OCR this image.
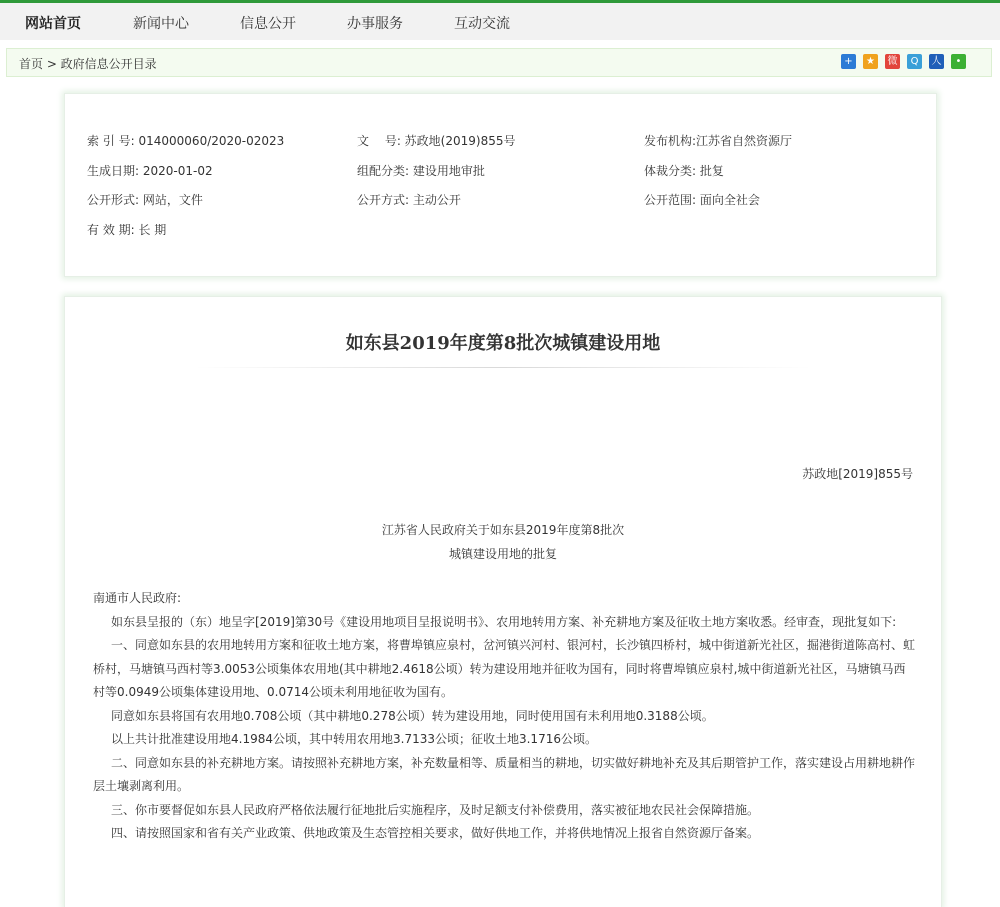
网站首页	新闻中心	信息公开	办事服务	互动交流
首页 > 政府信息公开目录	+	★	微	Q	人	•
索 引 号: 014000060/2020-02023	文　 号: 苏政地(2019)855号	发布机构:江苏省自然资源厅
生成日期: 2020-01-02	组配分类: 建设用地审批	体裁分类: 批复
公开形式: 网站，文件	公开方式: 主动公开	公开范围: 面向全社会
有 效 期: 长 期
如东县2019年度第8批次城镇建设用地
苏政地[2019]855号
江苏省人民政府关于如东县2019年度第8批次
城镇建设用地的批复

南通市人民政府:

如东县呈报的（东）地呈字[2019]第30号《建设用地项目呈报说明书》、农用地转用方案、补充耕地方案及征收土地方案收悉。经审查，现批复如下:

一、同意如东县的农用地转用方案和征收土地方案，将曹埠镇应泉村，岔河镇兴河村、银河村，长沙镇四桥村，城中街道新光社区，掘港街道陈高村、虹桥村，马塘镇马西村等3.0053公顷集体农用地(其中耕地2.4618公顷）转为建设用地并征收为国有，同时将曹埠镇应泉村,城中街道新光社区，马塘镇马西村等0.0949公顷集体建设用地、0.0714公顷未利用地征收为国有。

同意如东县将国有农用地0.708公顷（其中耕地0.278公顷）转为建设用地，同时使用国有未利用地0.3188公顷。

以上共计批准建设用地4.1984公顷，其中转用农用地3.7133公顷；征收土地3.1716公顷。

二、同意如东县的补充耕地方案。请按照补充耕地方案，补充数量相等、质量相当的耕地，切实做好耕地补充及其后期管护工作，落实建设占用耕地耕作层土壤剥离利用。

三、你市要督促如东县人民政府严格依法履行征地批后实施程序，及时足额支付补偿费用，落实被征地农民社会保障措施。

四、请按照国家和省有关产业政策、供地政策及生态管控相关要求，做好供地工作，并将供地情况上报省自然资源厅备案。
